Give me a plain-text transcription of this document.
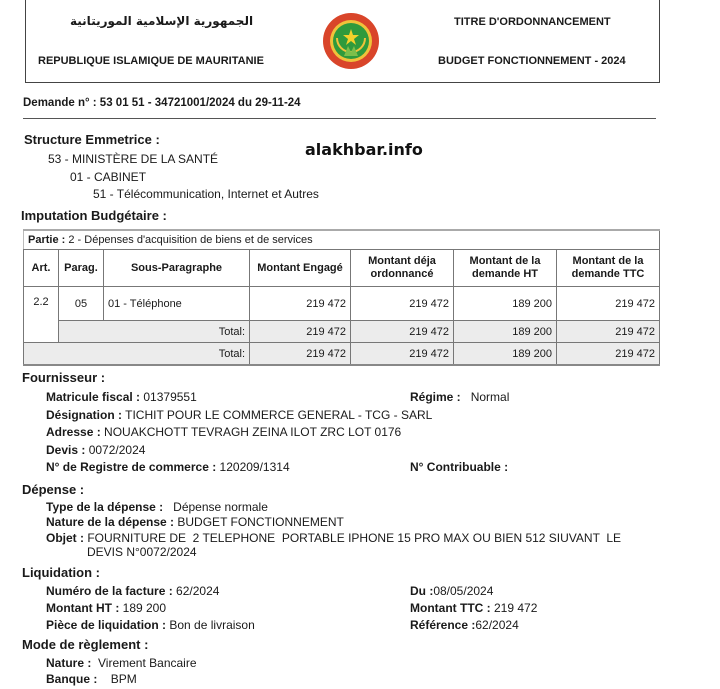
الجمهورية الإسلامية الموريتانية
REPUBLIQUE ISLAMIQUE DE MAURITANIE
TITRE D'ORDONNANCEMENT
BUDGET FONCTIONNEMENT - 2024
Demande n° : 53 01 51 - 34721001/2024 du 29-11-24
alakhbar.info
Structure Emmetrice :
53 - MINISTÈRE DE LA SANTÉ
01 - CABINET
51 - Télécommunication, Internet et Autres
Imputation Budgétaire :
Partie : 2 - Dépenses d'acquisition de biens et de services						
Art.	Parag.	Sous-Paragraphe	Montant Engagé	Montant déja ordonnancé	Montant de la demande HT	Montant de la demande TTC
2.2	05	01 - Téléphone	219 472	219 472	189 200	219 472
	Total:		219 472	219 472	189 200	219 472
Total:			219 472	219 472	189 200	219 472
Fournisseur :
Matricule fiscal : 01379551	Régime : Normal
Désignation : TICHIT POUR LE COMMERCE GENERAL - TCG - SARL
Adresse : NOUAKCHOTT TEVRAGH ZEINA ILOT ZRC LOT 0176
Devis : 0072/2024
N° de Registre de commerce : 120209/1314	N° Contribuable :
Dépense :
Type de la dépense : Dépense normale
Nature de la dépense : BUDGET FONCTIONNEMENT
Objet : FOURNITURE DE  2 TELEPHONE  PORTABLE IPHONE 15 PRO MAX OU BIEN 512 SIUVANT  LE
DEVIS N°0072/2024
Liquidation :
Numéro de la facture : 62/2024	Du :08/05/2024
Montant HT : 189 200	Montant TTC : 219 472
Pièce de liquidation : Bon de livraison	Référence :62/2024
Mode de règlement :
Nature : Virement Bancaire
Banque : BPM
